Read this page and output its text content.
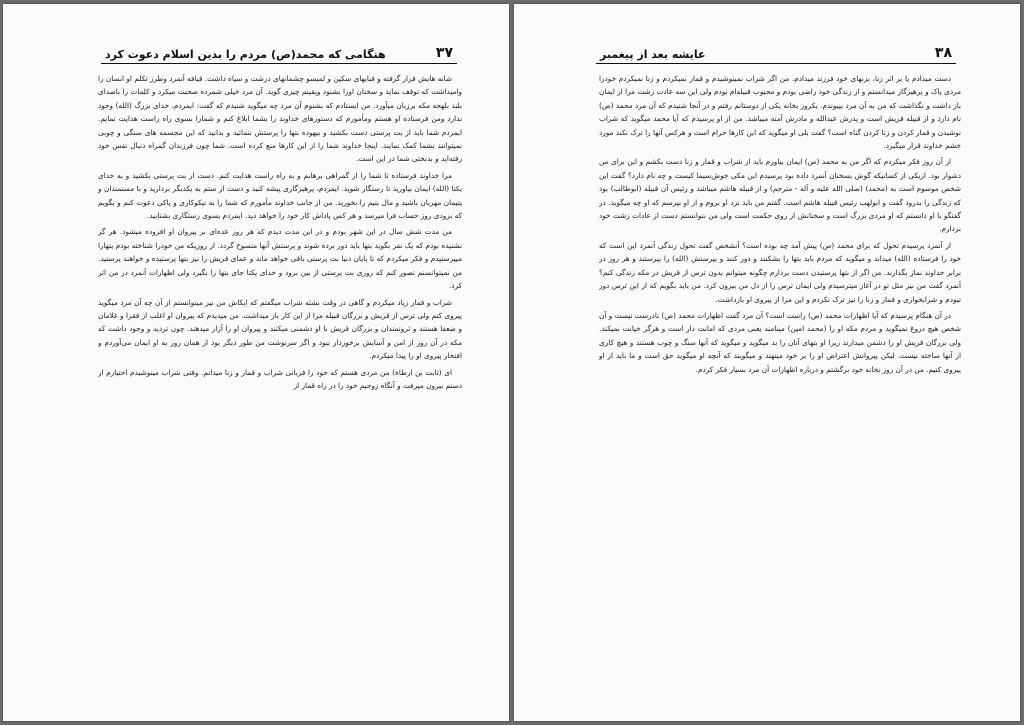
۳۷
هنگامی که محمد(ص) مردم را بدین اسلام دعوت کرد

شانه هایش قرار گرفته و قبایهای سکین و لمیسو چشمانهای درشت و سیاه داشت. قیافه آنمرد وطرز تکلم او انسان را وامیداشت که توقف نماید و سخنان اورا بشنود ویقینم چیزی گوید. آن مرد خیلی شمرده صحبت میکرد و کلمات را باصدای بلند بلهجه مکه برزبان میآورد. من ایستادم که بشنوم آن مرد چه میگوید شنیدم که گفت: ایمردم، خدای بزرگ (الله) وجود ندارد ومن فرستاده او هستم ومأمورم که دستورهای خداوند را بشما ابلاغ کنم و شمارا بسوی راه راست هدایت نمایم. ایمردم شما باید از بت پرستی دست بکشید و بیهوده بتها را پرستش ننمائید و بدانید که این مجسمه های سنگی و چوبی نمیتوانند بشما کمک نمایند. اینجا خداوند شما را از این کارها منع کرده است. شما چون فرزندان گمراه دنبال نفس خود رفته‌اید و بدبختی شما در این است.

مرا خداوند فرستاده تا شما را از گمراهی برهانم و به راه راست هدایت کنم. دست از بت پرستی بکشید و به خدای یکتا (الله) ایمان بیاورید تا رستگار شوید. ایمردم، پرهیزگاری پیشه کنید و دست از ستم به یکدیگر بردارید و با مستمندان و یتیمان مهربان باشید و مال یتیم را نخورید. من از جانب خداوند مأمورم که شما را به نیکوکاری و پاکی دعوت کنم و بگویم که بزودی روز حساب فرا میرسد و هر کس پاداش کار خود را خواهد دید. ایمردم بسوی رستگاری بشتابید.

من مدت شش سال در این شهر بودم و در این مدت دیدم که هر روز عده‌ای بر پیروان او افزوده میشود. هر گز نشنیده بودم که یک نفر بگوید بتها باید دور برده شوند و پرستش آنها منسوخ گردد. از روزیکه من خودرا شناخته بودم بتهارا میپرستیدم و فکر میکردم که تا پایان دنیا بت پرستی باقی خواهد ماند و عمای قریش را نیز بتها پرستیده و خواهند پرستید. من نمیتوانستم تصور کنم که روزی بت پرستی از بین برود و خدای یکتا جای بتها را بگیرد ولی اظهارات آنمرد در من اثر کرد.

شراب و قمار زیاد میکردم و گاهی در وقت نشئه شراب میگفتم که ایکاش من نیز میتوانستم از آن چه آن مرد میگوید پیروی کنم ولی ترس از قریش و بزرگان قبیله مرا از این کار باز میداشت. من میدیدم که پیروان او اغلب از فقرا و غلامان و ضعفا هستند و ثروتمندان و بزرگان قریش با او دشمنی میکنند و پیروان او را آزار میدهند. چون تردید و وجود داشت که مکه در آن روز از امن و آسایش برخوردار نبود و اگر سرنوشت من طور دیگر بود از همان روز به او ایمان می‌آوردم و افتخار پیروی او را پیدا میکردم.

ای (ثابت بن ارطاة) من مردی هستم که خود را قربانی شراب و قمار و زنا میدانم. وقتی شراب مینوشیدم اختیارم از دستم بیرون میرفت و آنگاه زوجیم خود را در راه قمار از

۳۸
عایشه بعد از پیغمبر

دست میدادم یا بر اثر زنا، بزنهای خود فرزند میدادم. من اگر شراب نمینوشیدم و قمار نمیکردم و زنا نمیکردم خودرا مردی پاک و پرهیزگار میدانستم و از زندگی خود راضی بودم و محبوب قبیله‌ام بودم ولی این سه عادت زشت مرا از ایمان باز داشت و نگذاشت که من به آن مرد بپیوندم. یکروز بخانه یکی از دوستانم رفتم و در آنجا شنیدم که آن مرد محمد (ص) نام دارد و از قبیله قریش است و پدرش عبدالله و مادرش آمنه میباشد. من از او پرسیدم که آیا محمد میگوید که شراب نوشیدن و قمار کردن و زنا کردن گناه است؟ گفت بلی او میگوید که این کارها حرام است و هرکس آنها را ترک نکند مورد خشم خداوند قرار میگیرد.

از آن روز فکر میکردم که اگر من به محمد (ص) ایمان بیاورم باید از شراب و قمار و زنا دست بکشم و این برای من دشوار بود. ازیکی از کسانیکه گوش بسخنان آنمرد داده بود پرسیدم این مکی خوش‌سیما کیست و چه نام دارد؟ گفت این شخص موسوم است به (محمد) (صلی الله علیه و آله - مترجم) و از قبیله هاشم میباشد و رئیس آن قبیله (ابوطالب) بود که زندگی را بدرود گفت و ابولهب رئیس قبیله هاشم است. گفتم من باید نزد او بروم و از او بپرسم که او چه میگوید. در گفتگو با او دانستم که او مردی بزرگ است و سخنانش از روی حکمت است ولی من نتوانستم دست از عادات زشت خود بردارم.

از آنمرد پرسیدم تحول که برای محمد (ص) پیش آمد چه بوده است؟ آنشخص گفت تحول زندگی آنمرد این است که خود را فرستاده (الله) میداند و میگوید که مردم باید بتها را بشکنند و دور کنند و بپرستش (الله) را بپرستند و هر روز در برابر خداوند نماز بگذارند. من اگر از بتها پرستیدن دست بردارم چگونه میتوانم بدون ترس از قریش در مکه زندگی کنم؟ آنمرد گفت من نیز مثل تو در آغاز میترسیدم ولی ایمان ترس را از دل من بیرون کرد. من باید بگویم که از این ترس دور نبودم و شرابخواری و قمار و زنا را نیز ترک نکردم و این مرا از پیروی او بازداشت.

در آن هنگام پرسیدم که آیا اظهارات محمد (ص) راست است؟ آن مرد گفت اظهارات محمد (ص) نادرست نیست و آن شخص هیچ دروغ نمیگوید و مردم مکه او را (محمد امین) مینامند یعنی مردی که امانت دار است و هرگز خیانت نمیکند. ولی بزرگان قریش او را دشمن میدارند زیرا او بتهای آنان را بد میگوید و میگوید که آنها سنگ و چوب هستند و هیچ کاری از آنها ساخته نیست. لیکن پیروانش اعتراض او را بر خود مینهند و میگویند که آنچه او میگوید حق است و ما باید از او پیروی کنیم. من در آن روز بخانه خود برگشتم و درباره اظهارات آن مرد بسیار فکر کردم.
